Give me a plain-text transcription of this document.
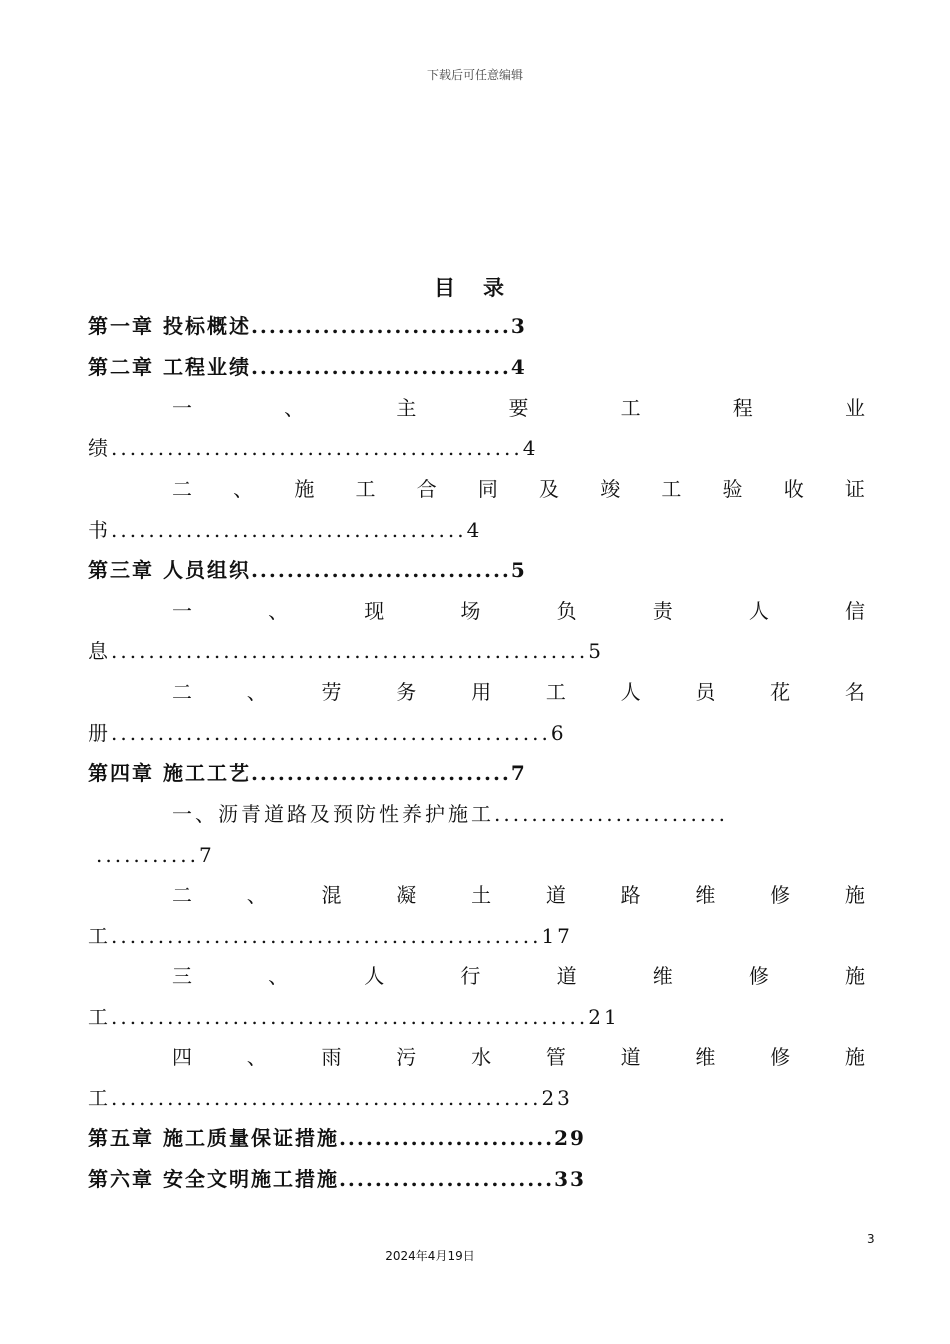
下载后可任意编辑
目录
第一章 投标概述.............................3
第二章 工程业绩.............................4
一	、	主	要	工	程	业
绩............................................4
二 、 施 工 合 同 及 竣 工 验 收 证
书......................................4
第三章 人员组织.............................5
一	、	现	场	负	责	人	信
息...................................................5
二	、	劳	务	用	工	人	员	花	名
册...............................................6
第四章 施工工艺.............................7
一、沥青道路及预防性养护施工.........................
...........7
二	、	混	凝	土	道	路	维	修	施
工..............................................17
三	、	人	行	道	维	修	施
工...................................................21
四	、	雨	污	水	管	道	维	修	施
工..............................................23
第五章 施工质量保证措施........................29
第六章 安全文明施工措施........................33
3
2024年4月19日
